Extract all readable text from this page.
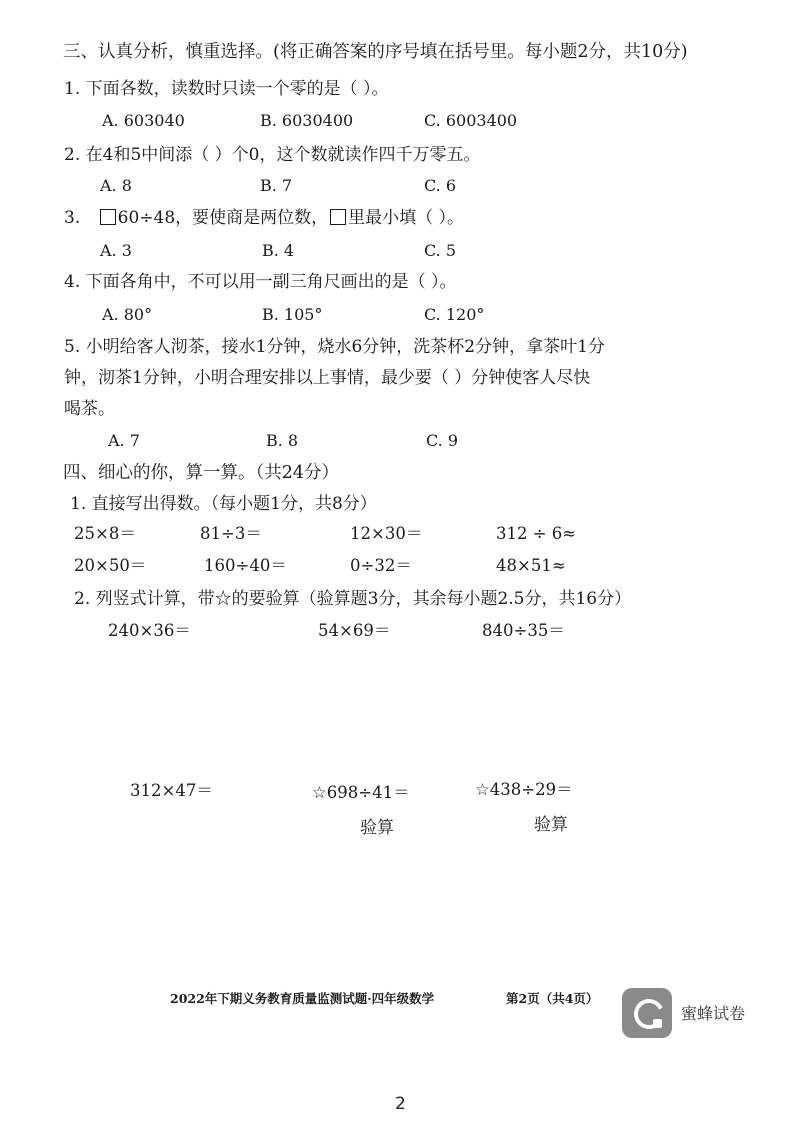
三、认真分析，慎重选择。(将正确答案的序号填在括号里。每小题2分，共10分)
1. 下面各数，读数时只读一个零的是（ ）。
A. 603040	B. 6030400	C. 6003400
2. 在4和5中间添（ ）个0，这个数就读作四千万零五。
A. 8	B. 7	C. 6
3. 60÷48，要使商是两位数， 里最小填（ ）。
A. 3	B. 4	C. 5
4. 下面各角中，不可以用一副三角尺画出的是（ ）。
A. 80°	B. 105°	C. 120°
5. 小明给客人沏茶，接水1分钟，烧水6分钟，洗茶杯2分钟，拿茶叶1分
钟，沏茶1分钟，小明合理安排以上事情，最少要（ ）分钟使客人尽快
喝茶。
A. 7	B. 8	C. 9
四、细心的你，算一算。（共24分）
1. 直接写出得数。（每小题1分，共8分）
25×8＝	81÷3＝	12×30＝	312 ÷ 6≈
20×50＝	160÷40＝	0÷32＝	48×51≈
2. 列竖式计算，带☆的要验算（验算题3分，其余每小题2.5分，共16分）
240×36＝	54×69＝	840÷35＝
312×47＝	☆698÷41＝	☆438÷29＝
验算	验算
2022年下期义务教育质量监测试题·四年级数学	第2页（共4页）
蜜蜂试卷
2
